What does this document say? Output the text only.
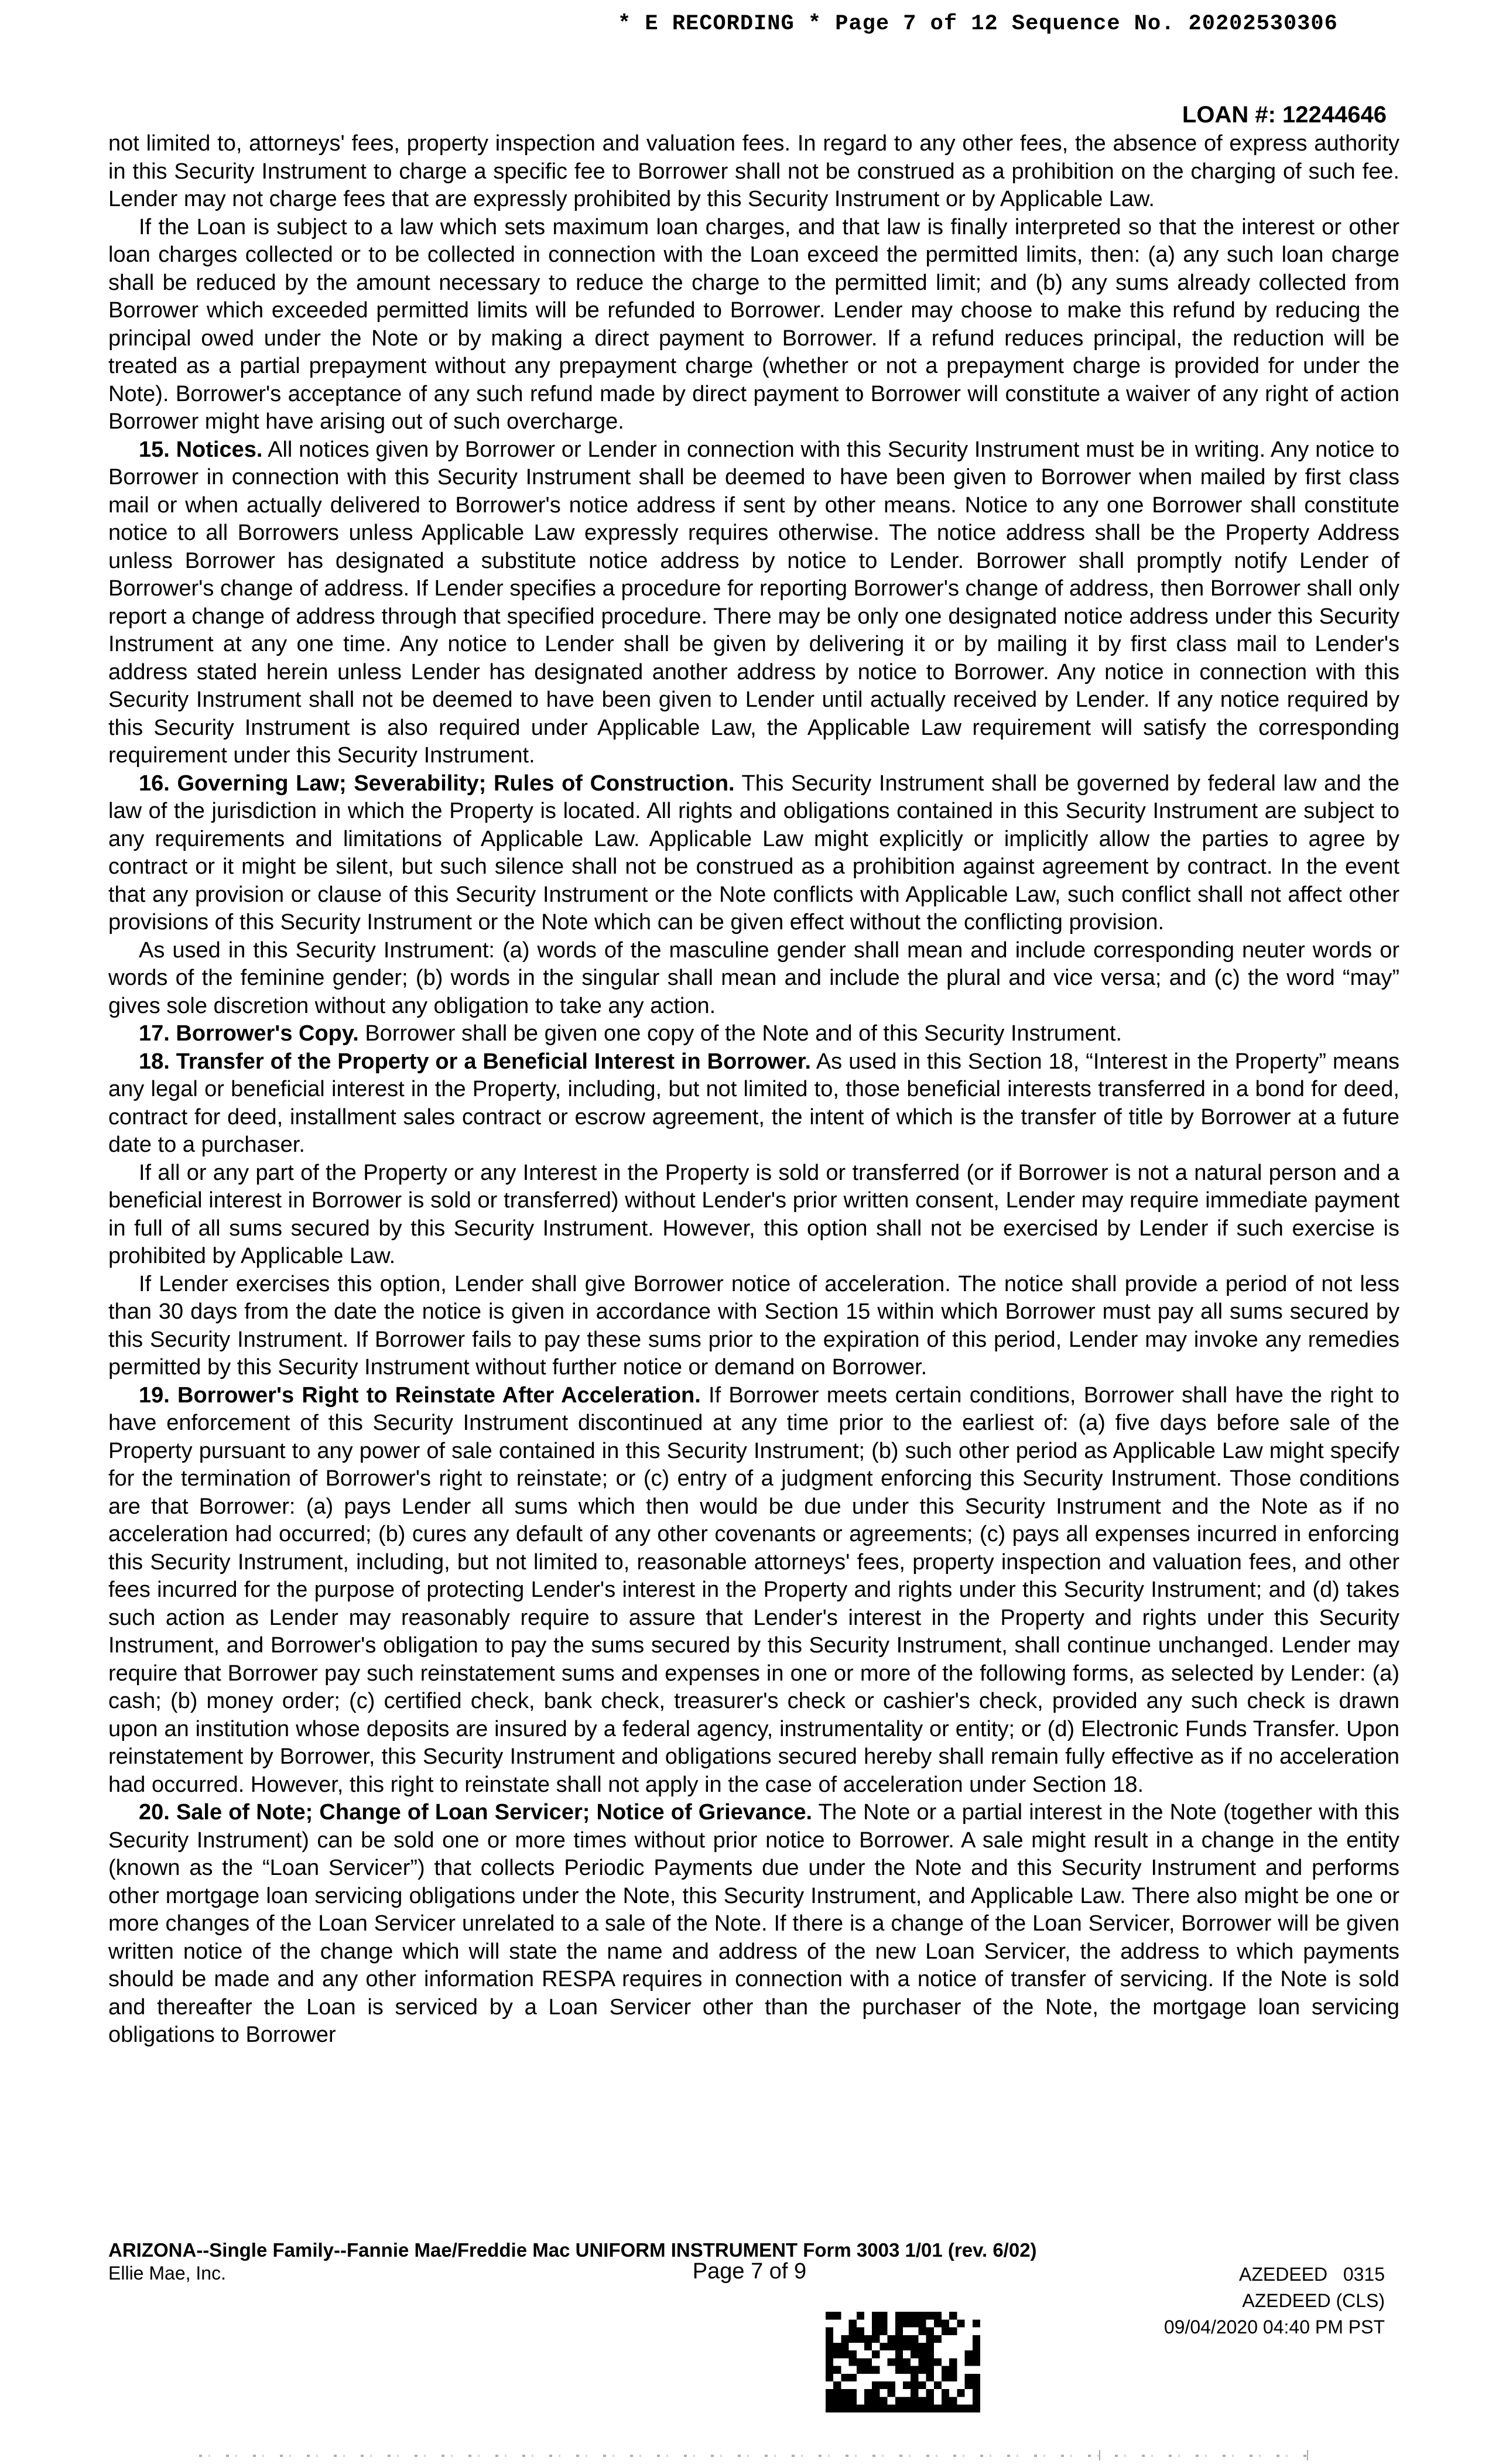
* E RECORDING * Page 7 of 12 Sequence No. 20202530306
LOAN #: 12244646

not limited to, attorneys' fees, property inspection and valuation fees. In regard to any other fees, the absence of express authority in this Security Instrument to charge a specific fee to Borrower shall not be construed as a prohibition on the charging of such fee. Lender may not charge fees that are expressly prohibited by this Security Instrument or by Applicable Law.

If the Loan is subject to a law which sets maximum loan charges, and that law is finally interpreted so that the interest or other loan charges collected or to be collected in connection with the Loan exceed the permitted limits, then: (a) any such loan charge shall be reduced by the amount necessary to reduce the charge to the permitted limit; and (b) any sums already collected from Borrower which exceeded permitted limits will be refunded to Borrower. Lender may choose to make this refund by reducing the principal owed under the Note or by making a direct payment to Borrower. If a refund reduces principal, the reduction will be treated as a partial prepayment without any prepayment charge (whether or not a prepayment charge is provided for under the Note). Borrower's acceptance of any such refund made by direct payment to Borrower will constitute a waiver of any right of action Borrower might have arising out of such overcharge.

15. Notices. All notices given by Borrower or Lender in connection with this Security Instrument must be in writing. Any notice to Borrower in connection with this Security Instrument shall be deemed to have been given to Borrower when mailed by first class mail or when actually delivered to Borrower's notice address if sent by other means. Notice to any one Borrower shall constitute notice to all Borrowers unless Applicable Law expressly requires otherwise. The notice address shall be the Property Address unless Borrower has designated a substitute notice address by notice to Lender. Borrower shall promptly notify Lender of Borrower's change of address. If Lender specifies a procedure for reporting Borrower's change of address, then Borrower shall only report a change of address through that specified procedure. There may be only one designated notice address under this Security Instrument at any one time. Any notice to Lender shall be given by delivering it or by mailing it by first class mail to Lender's address stated herein unless Lender has designated another address by notice to Borrower. Any notice in connection with this Security Instrument shall not be deemed to have been given to Lender until actually received by Lender. If any notice required by this Security Instrument is also required under Applicable Law, the Applicable Law requirement will satisfy the corresponding requirement under this Security Instrument.

16. Governing Law; Severability; Rules of Construction. This Security Instrument shall be governed by federal law and the law of the jurisdiction in which the Property is located. All rights and obligations contained in this Security Instrument are subject to any requirements and limitations of Applicable Law. Applicable Law might explicitly or implicitly allow the parties to agree by contract or it might be silent, but such silence shall not be construed as a prohibition against agreement by contract. In the event that any provision or clause of this Security Instrument or the Note conflicts with Applicable Law, such conflict shall not affect other provisions of this Security Instrument or the Note which can be given effect without the conflicting provision.

As used in this Security Instrument: (a) words of the masculine gender shall mean and include corresponding neuter words or words of the feminine gender; (b) words in the singular shall mean and include the plural and vice versa; and (c) the word “may” gives sole discretion without any obligation to take any action.

17. Borrower's Copy. Borrower shall be given one copy of the Note and of this Security Instrument.

18. Transfer of the Property or a Beneficial Interest in Borrower. As used in this Section 18, “Interest in the Property” means any legal or beneficial interest in the Property, including, but not limited to, those beneficial interests transferred in a bond for deed, contract for deed, installment sales contract or escrow agreement, the intent of which is the transfer of title by Borrower at a future date to a purchaser.

If all or any part of the Property or any Interest in the Property is sold or transferred (or if Borrower is not a natural person and a beneficial interest in Borrower is sold or transferred) without Lender's prior written consent, Lender may require immediate payment in full of all sums secured by this Security Instrument. However, this option shall not be exercised by Lender if such exercise is prohibited by Applicable Law.

If Lender exercises this option, Lender shall give Borrower notice of acceleration. The notice shall provide a period of not less than 30 days from the date the notice is given in accordance with Section 15 within which Borrower must pay all sums secured by this Security Instrument. If Borrower fails to pay these sums prior to the expiration of this period, Lender may invoke any remedies permitted by this Security Instrument without further notice or demand on Borrower.

19. Borrower's Right to Reinstate After Acceleration. If Borrower meets certain conditions, Borrower shall have the right to have enforcement of this Security Instrument discontinued at any time prior to the earliest of: (a) five days before sale of the Property pursuant to any power of sale contained in this Security Instrument; (b) such other period as Applicable Law might specify for the termination of Borrower's right to reinstate; or (c) entry of a judgment enforcing this Security Instrument. Those conditions are that Borrower: (a) pays Lender all sums which then would be due under this Security Instrument and the Note as if no acceleration had occurred; (b) cures any default of any other covenants or agreements; (c) pays all expenses incurred in enforcing this Security Instrument, including, but not limited to, reasonable attorneys' fees, property inspection and valuation fees, and other fees incurred for the purpose of protecting Lender's interest in the Property and rights under this Security Instrument; and (d) takes such action as Lender may reasonably require to assure that Lender's interest in the Property and rights under this Security Instrument, and Borrower's obligation to pay the sums secured by this Security Instrument, shall continue unchanged. Lender may require that Borrower pay such reinstatement sums and expenses in one or more of the following forms, as selected by Lender: (a) cash; (b) money order; (c) certified check, bank check, treasurer's check or cashier's check, provided any such check is drawn upon an institution whose deposits are insured by a federal agency, instrumentality or entity; or (d) Electronic Funds Transfer. Upon reinstatement by Borrower, this Security Instrument and obligations secured hereby shall remain fully effective as if no acceleration had occurred. However, this right to reinstate shall not apply in the case of acceleration under Section 18.

20. Sale of Note; Change of Loan Servicer; Notice of Grievance. The Note or a partial interest in the Note (together with this Security Instrument) can be sold one or more times without prior notice to Borrower. A sale might result in a change in the entity (known as the “Loan Servicer”) that collects Periodic Payments due under the Note and this Security Instrument and performs other mortgage loan servicing obligations under the Note, this Security Instrument, and Applicable Law. There also might be one or more changes of the Loan Servicer unrelated to a sale of the Note. If there is a change of the Loan Servicer, Borrower will be given written notice of the change which will state the name and address of the new Loan Servicer, the address to which payments should be made and any other information RESPA requires in connection with a notice of transfer of servicing. If the Note is sold and thereafter the Loan is serviced by a Loan Servicer other than the purchaser of the Note, the mortgage loan servicing obligations to Borrower

ARIZONA--Single Family--Fannie Mae/Freddie Mac UNIFORM INSTRUMENT Form 3003 1/01 (rev. 6/02)
Ellie Mae, Inc.	Page 7 of 9	AZEDEED   0315
AZEDEED (CLS)
09/04/2020 04:40 PM PST
